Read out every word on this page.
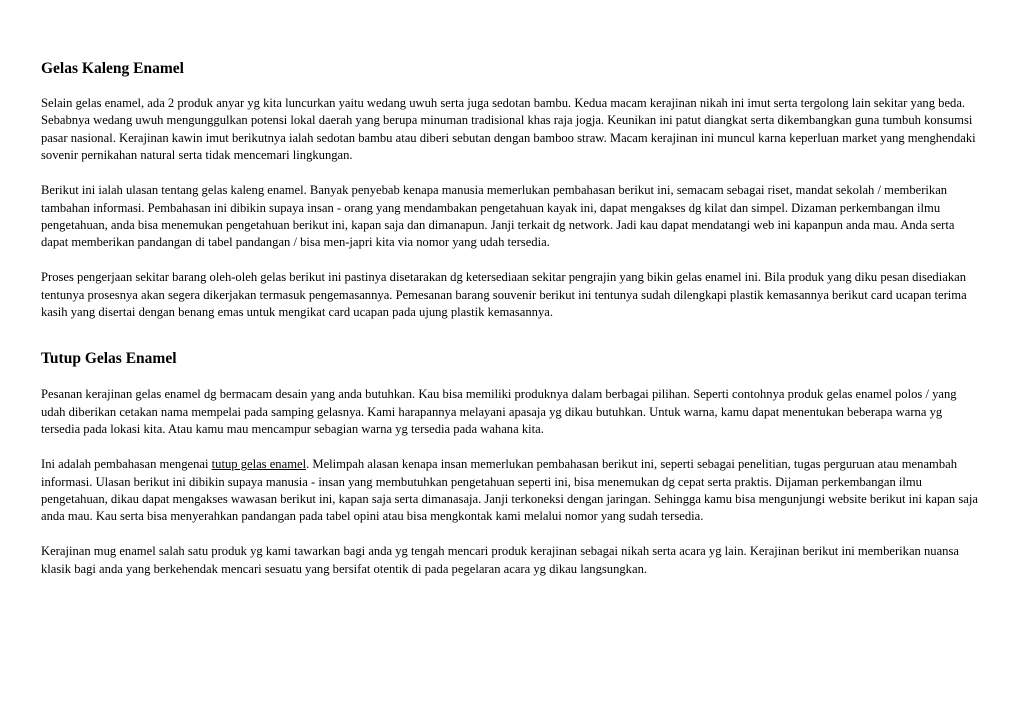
Gelas Kaleng Enamel

Selain gelas enamel, ada 2 produk anyar yg kita luncurkan yaitu wedang uwuh serta juga sedotan bambu. Kedua macam kerajinan nikah ini imut serta tergolong lain sekitar yang beda. Sebabnya wedang uwuh mengunggulkan potensi lokal daerah yang berupa minuman tradisional khas raja jogja. Keunikan ini patut diangkat serta dikembangkan guna tumbuh konsumsi pasar nasional. Kerajinan kawin imut berikutnya ialah sedotan bambu atau diberi sebutan dengan bamboo straw. Macam kerajinan ini muncul karna keperluan market yang menghendaki sovenir pernikahan natural serta tidak mencemari lingkungan.

Berikut ini ialah ulasan tentang gelas kaleng enamel. Banyak penyebab kenapa manusia memerlukan pembahasan berikut ini, semacam sebagai riset, mandat sekolah / memberikan tambahan informasi. Pembahasan ini dibikin supaya insan - orang yang mendambakan pengetahuan kayak ini, dapat mengakses dg kilat dan simpel. Dizaman perkembangan ilmu pengetahuan, anda bisa menemukan pengetahuan berikut ini, kapan saja dan dimanapun. Janji terkait dg network. Jadi kau dapat mendatangi web ini kapanpun anda mau. Anda serta dapat memberikan pandangan di tabel pandangan / bisa men-japri kita via nomor yang udah tersedia.

Proses pengerjaan sekitar barang oleh-oleh gelas berikut ini pastinya disetarakan dg ketersediaan sekitar pengrajin yang bikin gelas enamel ini. Bila produk yang diku pesan disediakan tentunya prosesnya akan segera dikerjakan termasuk pengemasannya. Pemesanan barang souvenir berikut ini tentunya sudah dilengkapi plastik kemasannya berikut card ucapan terima kasih yang disertai dengan benang emas untuk mengikat card ucapan pada ujung plastik kemasannya.

Tutup Gelas Enamel

Pesanan kerajinan gelas enamel dg bermacam desain yang anda butuhkan. Kau bisa memiliki produknya dalam berbagai pilihan. Seperti contohnya produk gelas enamel polos / yang udah diberikan cetakan nama mempelai pada samping gelasnya. Kami harapannya melayani apasaja yg dikau butuhkan. Untuk warna, kamu dapat menentukan beberapa warna yg tersedia pada lokasi kita. Atau kamu mau mencampur sebagian warna yg tersedia pada wahana kita.

Ini adalah pembahasan mengenai tutup gelas enamel. Melimpah alasan kenapa insan memerlukan pembahasan berikut ini, seperti sebagai penelitian, tugas perguruan atau menambah informasi. Ulasan berikut ini dibikin supaya manusia - insan yang membutuhkan pengetahuan seperti ini, bisa menemukan dg cepat serta praktis. Dijaman perkembangan ilmu pengetahuan, dikau dapat mengakses wawasan berikut ini, kapan saja serta dimanasaja. Janji terkoneksi dengan jaringan. Sehingga kamu bisa mengunjungi website berikut ini kapan saja anda mau. Kau serta bisa menyerahkan pandangan pada tabel opini atau bisa mengkontak kami melalui nomor yang sudah tersedia.

Kerajinan mug enamel salah satu produk yg kami tawarkan bagi anda yg tengah mencari produk kerajinan sebagai nikah serta acara yg lain. Kerajinan berikut ini memberikan nuansa klasik bagi anda yang berkehendak mencari sesuatu yang bersifat otentik di pada pegelaran acara yg dikau langsungkan.
